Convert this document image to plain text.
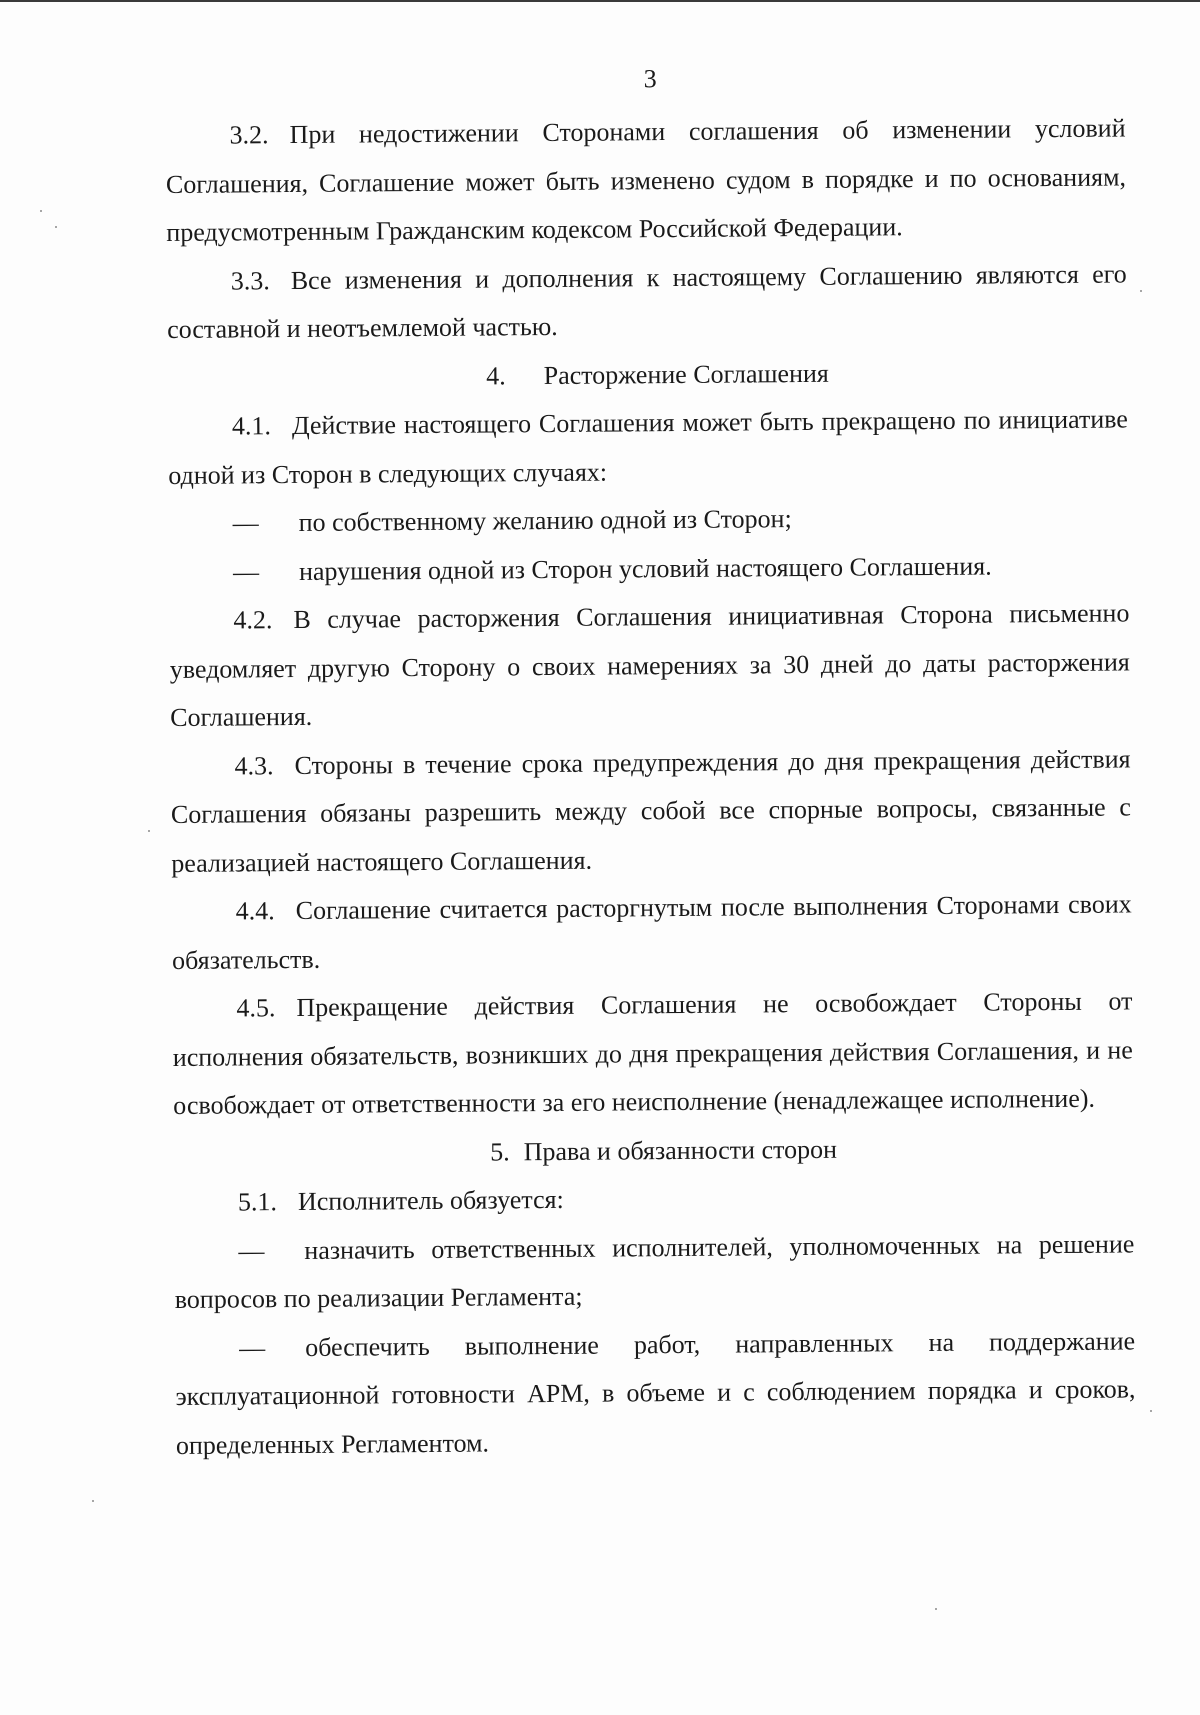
3

3.2. При недостижении Сторонами соглашения об изменении условий Соглашения, Соглашение может быть изменено судом в порядке и по основаниям, предусмотренным Гражданским кодексом Российской Федерации.

3.3. Все изменения и дополнения к настоящему Соглашению являются его составной и неотъемлемой частью.

4. Расторжение Соглашения

4.1. Действие настоящего Соглашения может быть прекращено по инициативе одной из Сторон в следующих случаях:

— по собственному желанию одной из Сторон;

— нарушения одной из Сторон условий настоящего Соглашения.

4.2. В случае расторжения Соглашения инициативная Сторона письменно уведомляет другую Сторону о своих намерениях за 30 дней до даты расторжения Соглашения.

4.3. Стороны в течение срока предупреждения до дня прекращения действия Соглашения обязаны разрешить между собой все спорные вопросы, связанные с реализацией настоящего Соглашения.

4.4. Соглашение считается расторгнутым после выполнения Сторонами своих обязательств.

4.5. Прекращение действия Соглашения не освобождает Стороны от исполнения обязательств, возникших до дня прекращения действия Соглашения, и не освобождает от ответственности за его неисполнение (ненадлежащее исполнение).

5. Права и обязанности сторон

5.1. Исполнитель обязуется:

— назначить ответственных исполнителей, уполномоченных на решение вопросов по реализации Регламента;

— обеспечить выполнение работ, направленных на поддержание эксплуатационной готовности АРМ, в объеме и с соблюдением порядка и сроков, определенных Регламентом.
